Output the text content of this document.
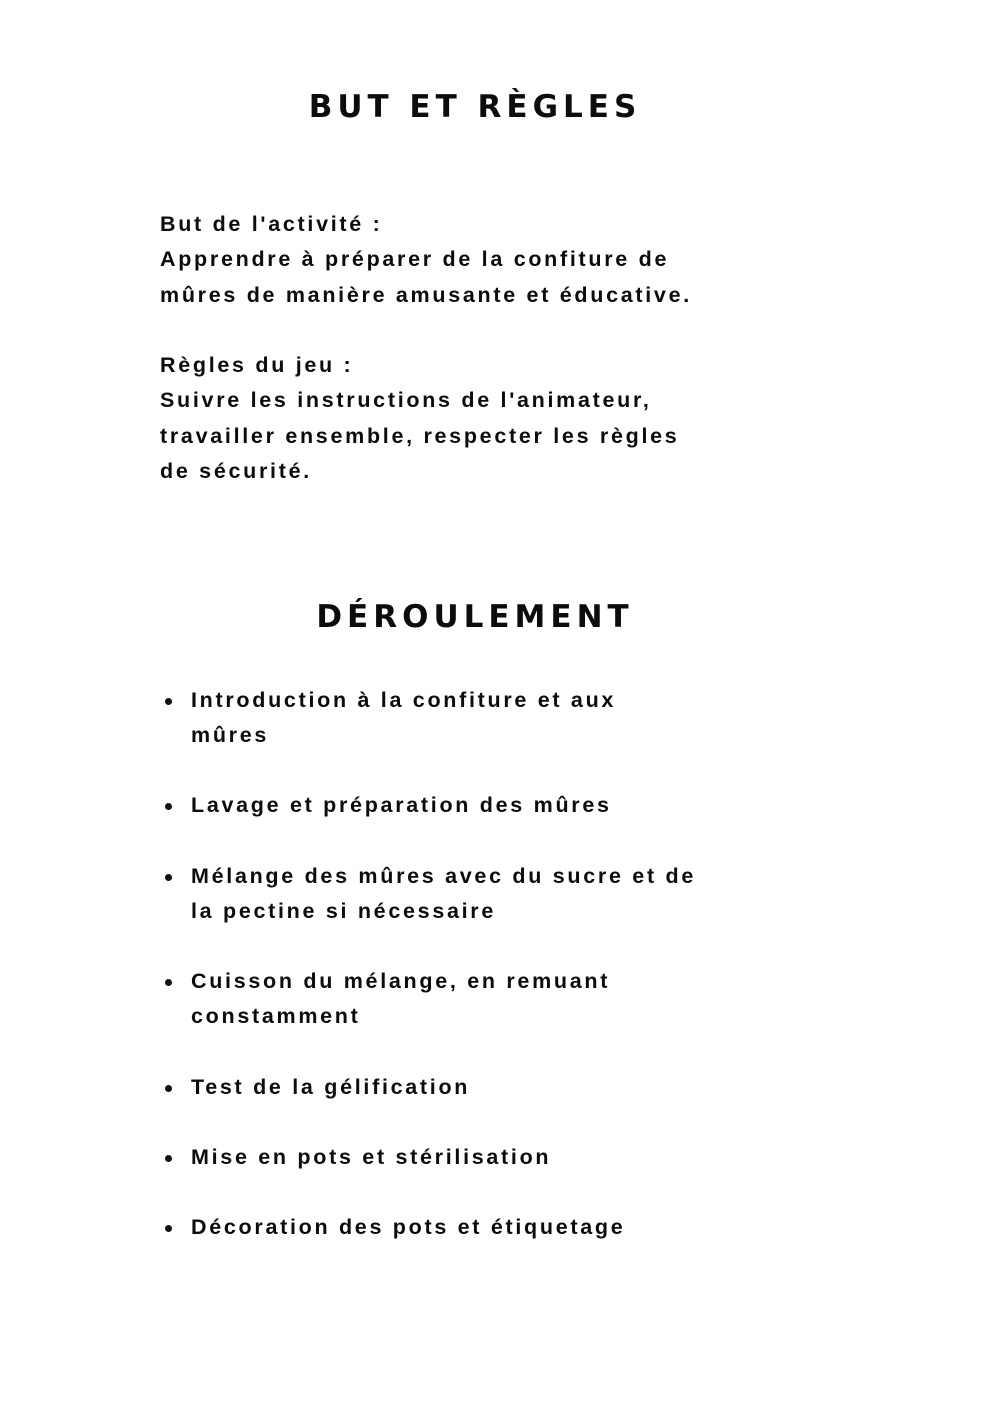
BUT ET RÈGLES
But de l'activité :
Apprendre à préparer de la confiture de
mûres de manière amusante et éducative.
Règles du jeu :
Suivre les instructions de l'animateur,
travailler ensemble, respecter les règles
de sécurité.
DÉROULEMENT
Introduction à la confiture et aux
mûres
Lavage et préparation des mûres
Mélange des mûres avec du sucre et de
la pectine si nécessaire
Cuisson du mélange, en remuant
constamment
Test de la gélification
Mise en pots et stérilisation
Décoration des pots et étiquetage
